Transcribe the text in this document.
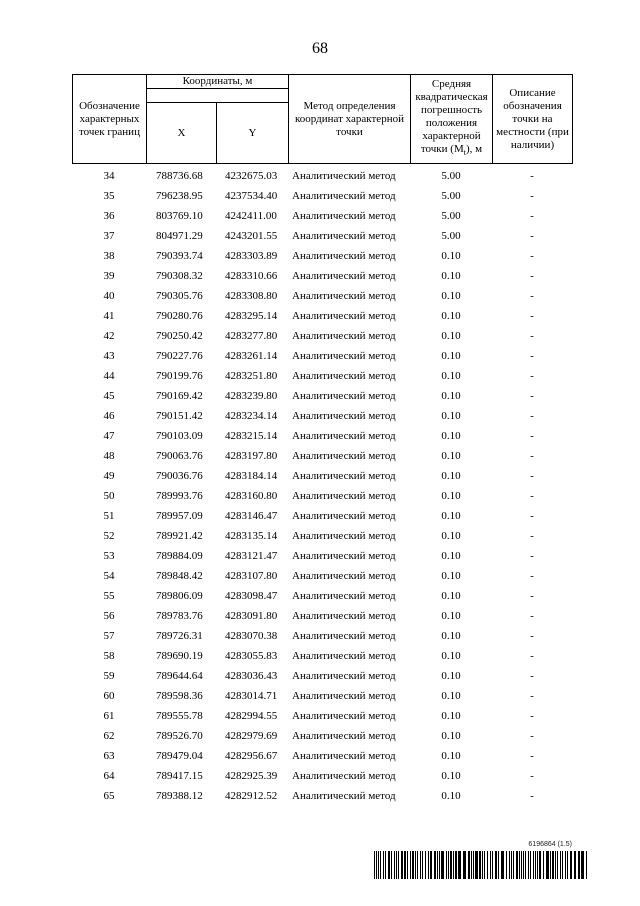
68
Обозначение характерных точек границ	Координаты, м		Метод определения координат характерной точки	Средняя квадратическая погрешность положения характерной точки $(M_t)$, м	Описание обозначения точки на местности (при наличии)

	X	Y			

34	788736.68	4232675.03	Аналитический метод	5.00	-
35	796238.95	4237534.40	Аналитический метод	5.00	-
36	803769.10	4242411.00	Аналитический метод	5.00	-
37	804971.29	4243201.55	Аналитический метод	5.00	-
38	790393.74	4283303.89	Аналитический метод	0.10	-
39	790308.32	4283310.66	Аналитический метод	0.10	-
40	790305.76	4283308.80	Аналитический метод	0.10	-
41	790280.76	4283295.14	Аналитический метод	0.10	-
42	790250.42	4283277.80	Аналитический метод	0.10	-
43	790227.76	4283261.14	Аналитический метод	0.10	-
44	790199.76	4283251.80	Аналитический метод	0.10	-
45	790169.42	4283239.80	Аналитический метод	0.10	-
46	790151.42	4283234.14	Аналитический метод	0.10	-
47	790103.09	4283215.14	Аналитический метод	0.10	-
48	790063.76	4283197.80	Аналитический метод	0.10	-
49	790036.76	4283184.14	Аналитический метод	0.10	-
50	789993.76	4283160.80	Аналитический метод	0.10	-
51	789957.09	4283146.47	Аналитический метод	0.10	-
52	789921.42	4283135.14	Аналитический метод	0.10	-
53	789884.09	4283121.47	Аналитический метод	0.10	-
54	789848.42	4283107.80	Аналитический метод	0.10	-
55	789806.09	4283098.47	Аналитический метод	0.10	-
56	789783.76	4283091.80	Аналитический метод	0.10	-
57	789726.31	4283070.38	Аналитический метод	0.10	-
58	789690.19	4283055.83	Аналитический метод	0.10	-
59	789644.64	4283036.43	Аналитический метод	0.10	-
60	789598.36	4283014.71	Аналитический метод	0.10	-
61	789555.78	4282994.55	Аналитический метод	0.10	-
62	789526.70	4282979.69	Аналитический метод	0.10	-
63	789479.04	4282956.67	Аналитический метод	0.10	-
64	789417.15	4282925.39	Аналитический метод	0.10	-
65	789388.12	4282912.52	Аналитический метод	0.10	-
6196864 (1.5)
